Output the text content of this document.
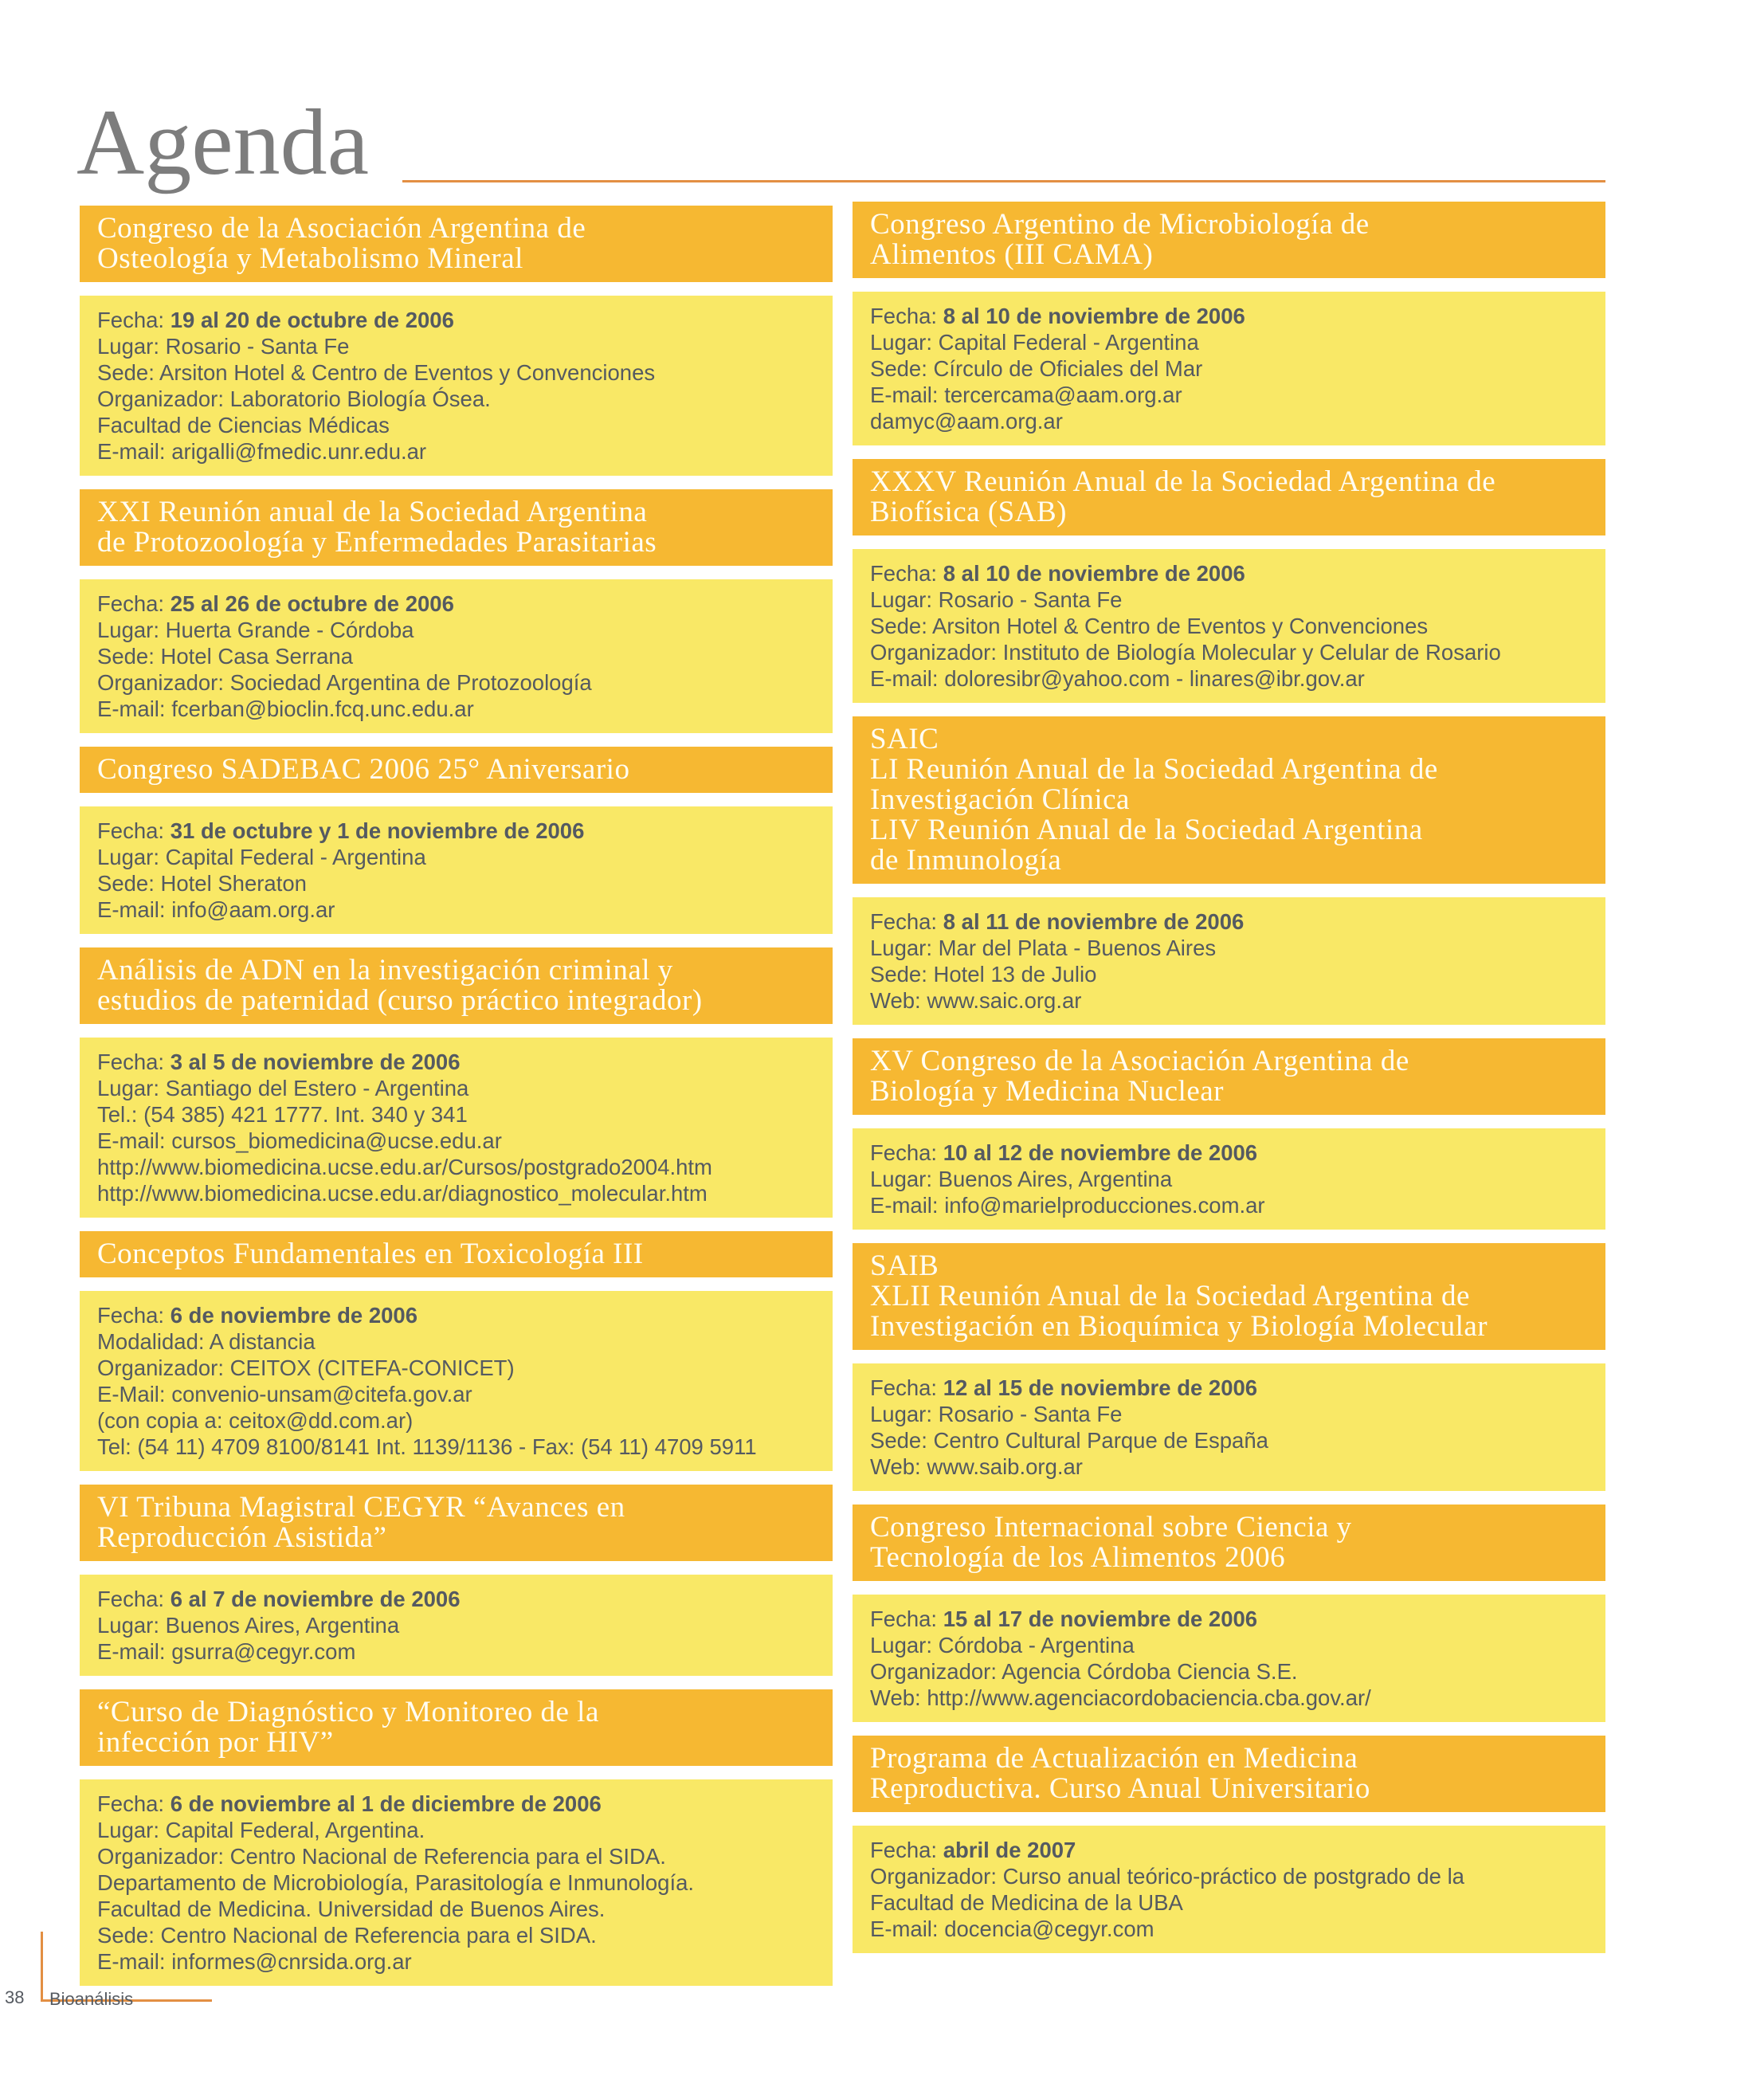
Agenda
Congreso de la Asociación Argentina de
Osteología y Metabolismo Mineral
Fecha: 19 al 20 de octubre de 2006
Lugar: Rosario - Santa Fe
Sede: Arsiton Hotel & Centro de Eventos y Convenciones
Organizador: Laboratorio Biología Ósea.
Facultad de Ciencias Médicas
E-mail: arigalli@fmedic.unr.edu.ar
XXI Reunión anual de la Sociedad Argentina
de Protozoología y Enfermedades Parasitarias
Fecha: 25 al 26 de octubre de 2006
Lugar: Huerta Grande - Córdoba
Sede: Hotel Casa Serrana
Organizador: Sociedad Argentina de Protozoología
E-mail: fcerban@bioclin.fcq.unc.edu.ar
Congreso SADEBAC 2006 25° Aniversario
Fecha: 31 de octubre y 1 de noviembre de 2006
Lugar: Capital Federal - Argentina
Sede: Hotel Sheraton
E-mail: info@aam.org.ar
Análisis de ADN en la investigación criminal y
estudios de paternidad (curso práctico integrador)
Fecha: 3 al 5 de noviembre de 2006
Lugar: Santiago del Estero - Argentina
Tel.: (54 385) 421 1777. Int. 340 y 341
E-mail: cursos_biomedicina@ucse.edu.ar
http://www.biomedicina.ucse.edu.ar/Cursos/postgrado2004.htm
http://www.biomedicina.ucse.edu.ar/diagnostico_molecular.htm
Conceptos Fundamentales en Toxicología III
Fecha: 6 de noviembre de 2006
Modalidad: A distancia
Organizador: CEITOX (CITEFA-CONICET)
E-Mail: convenio-unsam@citefa.gov.ar
(con copia a: ceitox@dd.com.ar)
Tel: (54 11) 4709 8100/8141 Int. 1139/1136 - Fax: (54 11) 4709 5911
VI Tribuna Magistral CEGYR “Avances en
Reproducción Asistida”
Fecha: 6 al 7 de noviembre de 2006
Lugar: Buenos Aires, Argentina
E-mail: gsurra@cegyr.com
“Curso de Diagnóstico y Monitoreo de la
infección por HIV”
Fecha: 6 de noviembre al 1 de diciembre de 2006
Lugar: Capital Federal, Argentina.
Organizador: Centro Nacional de Referencia para el SIDA.
Departamento de Microbiología, Parasitología e Inmunología.
Facultad de Medicina. Universidad de Buenos Aires.
Sede: Centro Nacional de Referencia para el SIDA.
E-mail: informes@cnrsida.org.ar
Congreso Argentino de Microbiología de
Alimentos (III CAMA)
Fecha: 8 al 10 de noviembre de 2006
Lugar: Capital Federal - Argentina
Sede: Círculo de Oficiales del Mar
E-mail: tercercama@aam.org.ar
damyc@aam.org.ar
XXXV Reunión Anual de la Sociedad Argentina de
Biofísica (SAB)
Fecha: 8 al 10 de noviembre de 2006
Lugar: Rosario - Santa Fe
Sede: Arsiton Hotel & Centro de Eventos y Convenciones
Organizador: Instituto de Biología Molecular y Celular de Rosario
E-mail: doloresibr@yahoo.com - linares@ibr.gov.ar
SAIC
LI Reunión Anual de la Sociedad Argentina de
Investigación Clínica
LIV Reunión Anual de la Sociedad Argentina
de Inmunología
Fecha: 8 al 11 de noviembre de 2006
Lugar: Mar del Plata - Buenos Aires
Sede: Hotel 13 de Julio
Web: www.saic.org.ar
XV Congreso de la Asociación Argentina de
Biología y Medicina Nuclear
Fecha: 10 al 12 de noviembre de 2006
Lugar: Buenos Aires, Argentina
E-mail: info@marielproducciones.com.ar
SAIB
XLII Reunión Anual de la Sociedad Argentina de
Investigación en Bioquímica y Biología Molecular
Fecha: 12 al 15 de noviembre de 2006
Lugar: Rosario - Santa Fe
Sede: Centro Cultural Parque de España
Web: www.saib.org.ar
Congreso Internacional sobre Ciencia y
Tecnología de los Alimentos 2006
Fecha: 15 al 17 de noviembre de 2006
Lugar: Córdoba - Argentina
Organizador: Agencia Córdoba Ciencia S.E.
Web: http://www.agenciacordobaciencia.cba.gov.ar/
Programa de Actualización en Medicina
Reproductiva. Curso Anual Universitario
Fecha: abril de 2007
Organizador: Curso anual teórico-práctico de postgrado de la
Facultad de Medicina de la UBA
E-mail: docencia@cegyr.com
38 Bioanálisis
